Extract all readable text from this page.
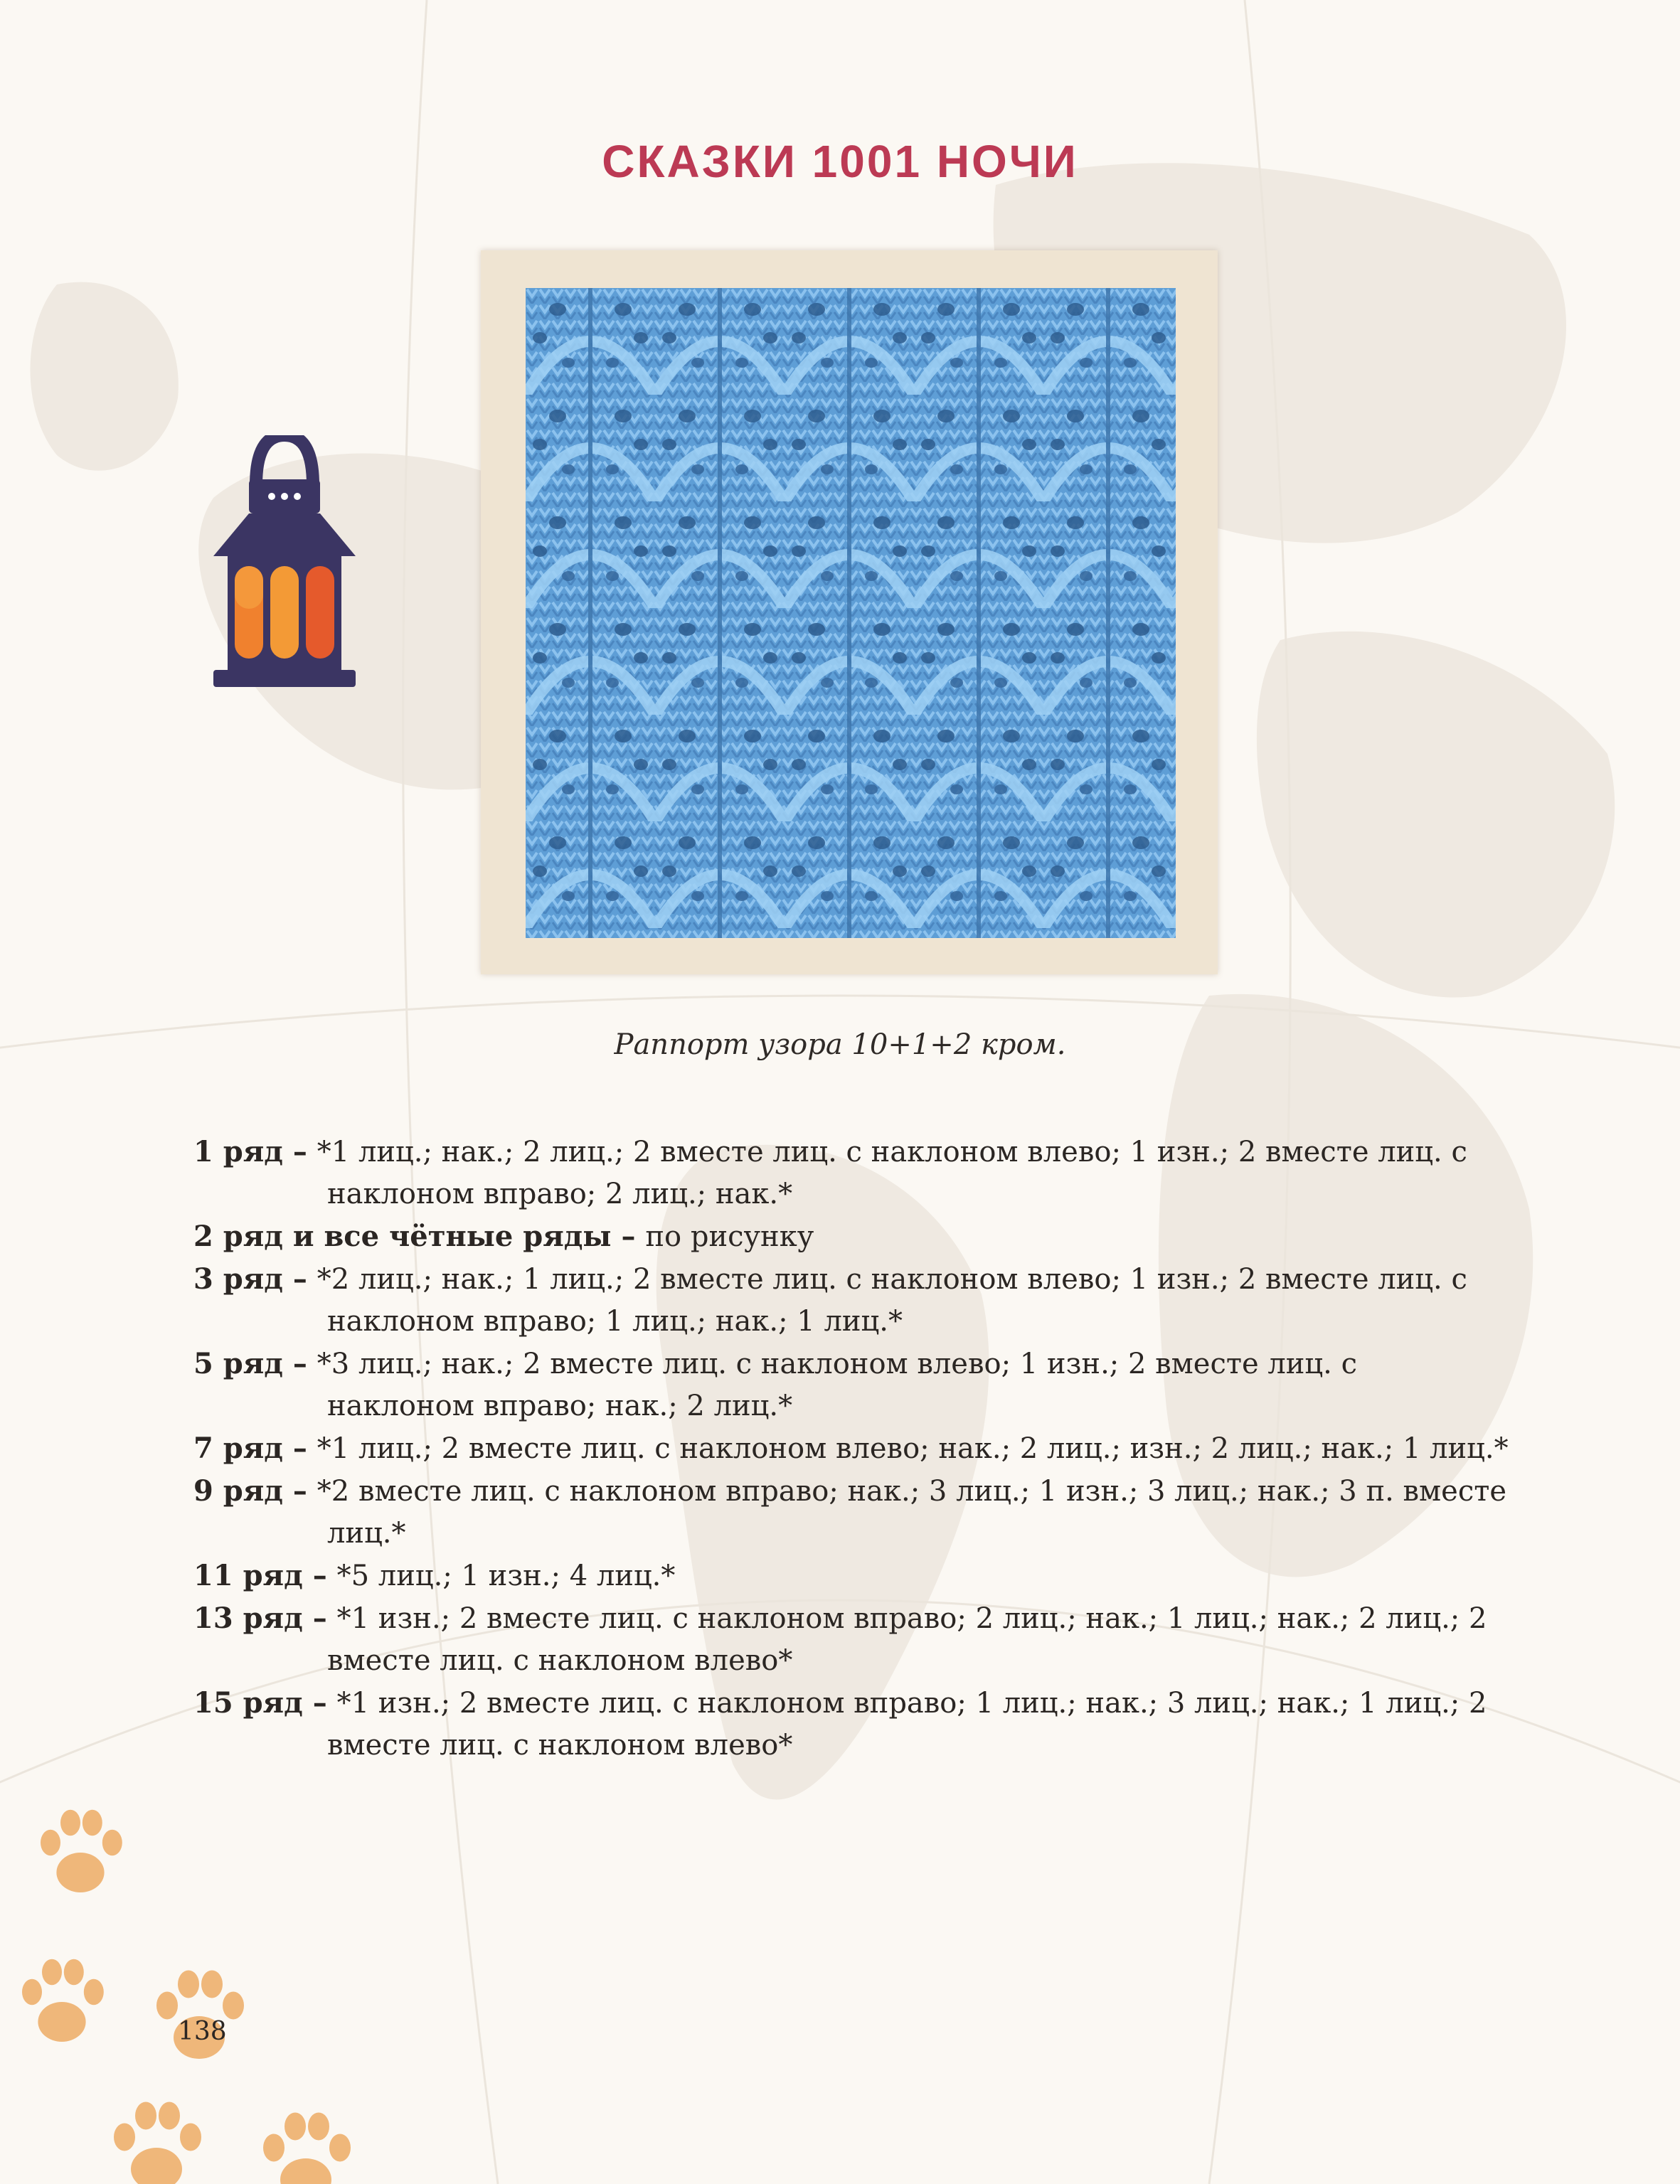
СКАЗКИ 1001 НОЧИ
Раппорт узора 10+1+2 кром.
1 ряд – *1 лиц.; нак.; 2 лиц.; 2 вместе лиц. с наклоном влево; 1 изн.; 2 вместе лиц. с наклоном вправо; 2 лиц.; нак.*
2 ряд и все чётные ряды – по рисунку
3 ряд – *2 лиц.; нак.; 1 лиц.; 2 вместе лиц. с наклоном влево; 1 изн.; 2 вместе лиц. с наклоном вправо; 1 лиц.; нак.; 1 лиц.*
5 ряд – *3 лиц.; нак.; 2 вместе лиц. с наклоном влево; 1 изн.; 2 вместе лиц. с наклоном вправо; нак.; 2 лиц.*
7 ряд – *1 лиц.; 2 вместе лиц. с наклоном влево; нак.; 2 лиц.; изн.; 2 лиц.; нак.; 1 лиц.*
9 ряд – *2 вместе лиц. с наклоном вправо; нак.; 3 лиц.; 1 изн.; 3 лиц.; нак.; 3 п. вместе лиц.*
11 ряд – *5 лиц.; 1 изн.; 4 лиц.*
13 ряд – *1 изн.; 2 вместе лиц. с наклоном вправо; 2 лиц.; нак.; 1 лиц.; нак.; 2 лиц.; 2 вместе лиц. с наклоном влево*
15 ряд – *1 изн.; 2 вместе лиц. с наклоном вправо; 1 лиц.; нак.; 3 лиц.; нак.; 1 лиц.; 2 вместе лиц. с наклоном влево*
138
